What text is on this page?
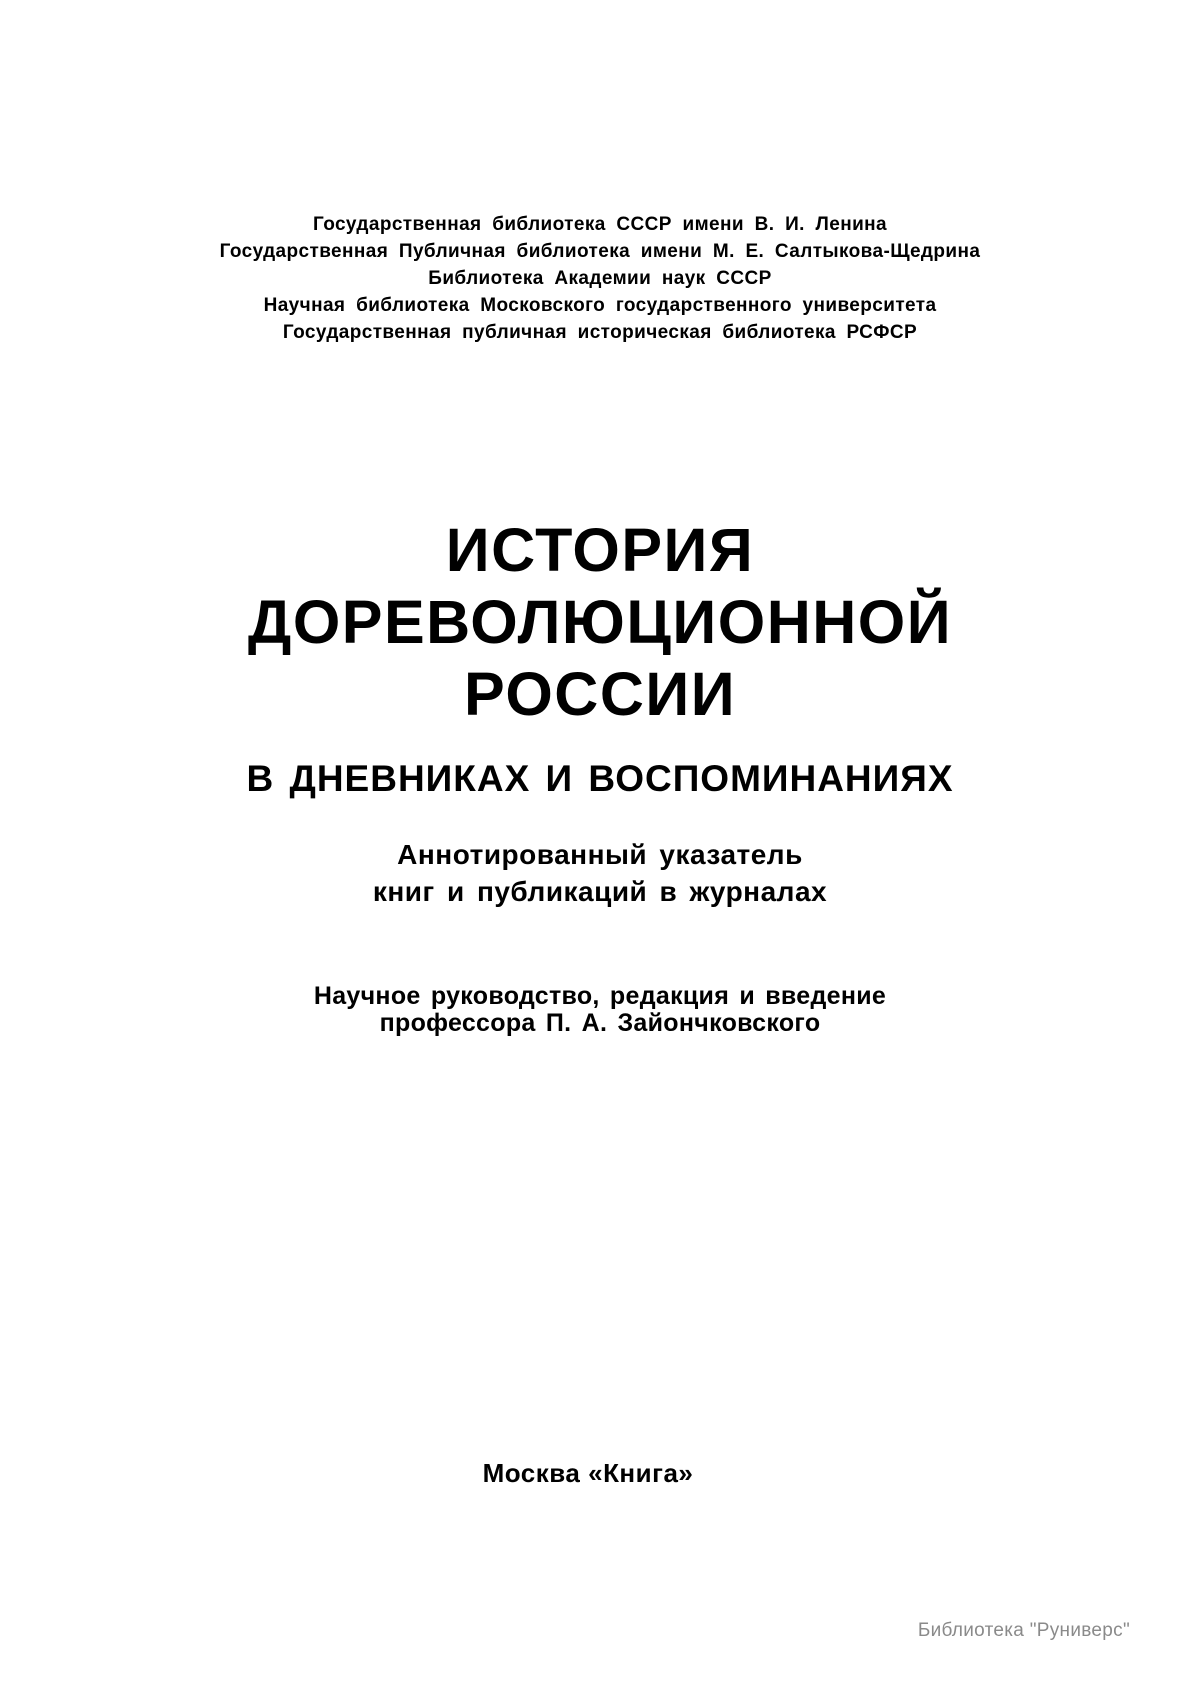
Государственная библиотека СССР имени В. И. Ленина
Государственная Публичная библиотека имени М. Е. Салтыкова-Щедрина
Библиотека Академии наук СССР
Научная библиотека Московского государственного университета
Государственная публичная историческая библиотека РСФСР
ИСТОРИЯ
ДОРЕВОЛЮЦИОННОЙ
РОССИИ
В ДНЕВНИКАХ И ВОСПОМИНАНИЯХ
Аннотированный указатель
книг и публикаций в журналах
Научное руководство, редакция и введение
профессора П. А. Зайончковского
Москва «Книга»
Библиотека "Руниверс"
